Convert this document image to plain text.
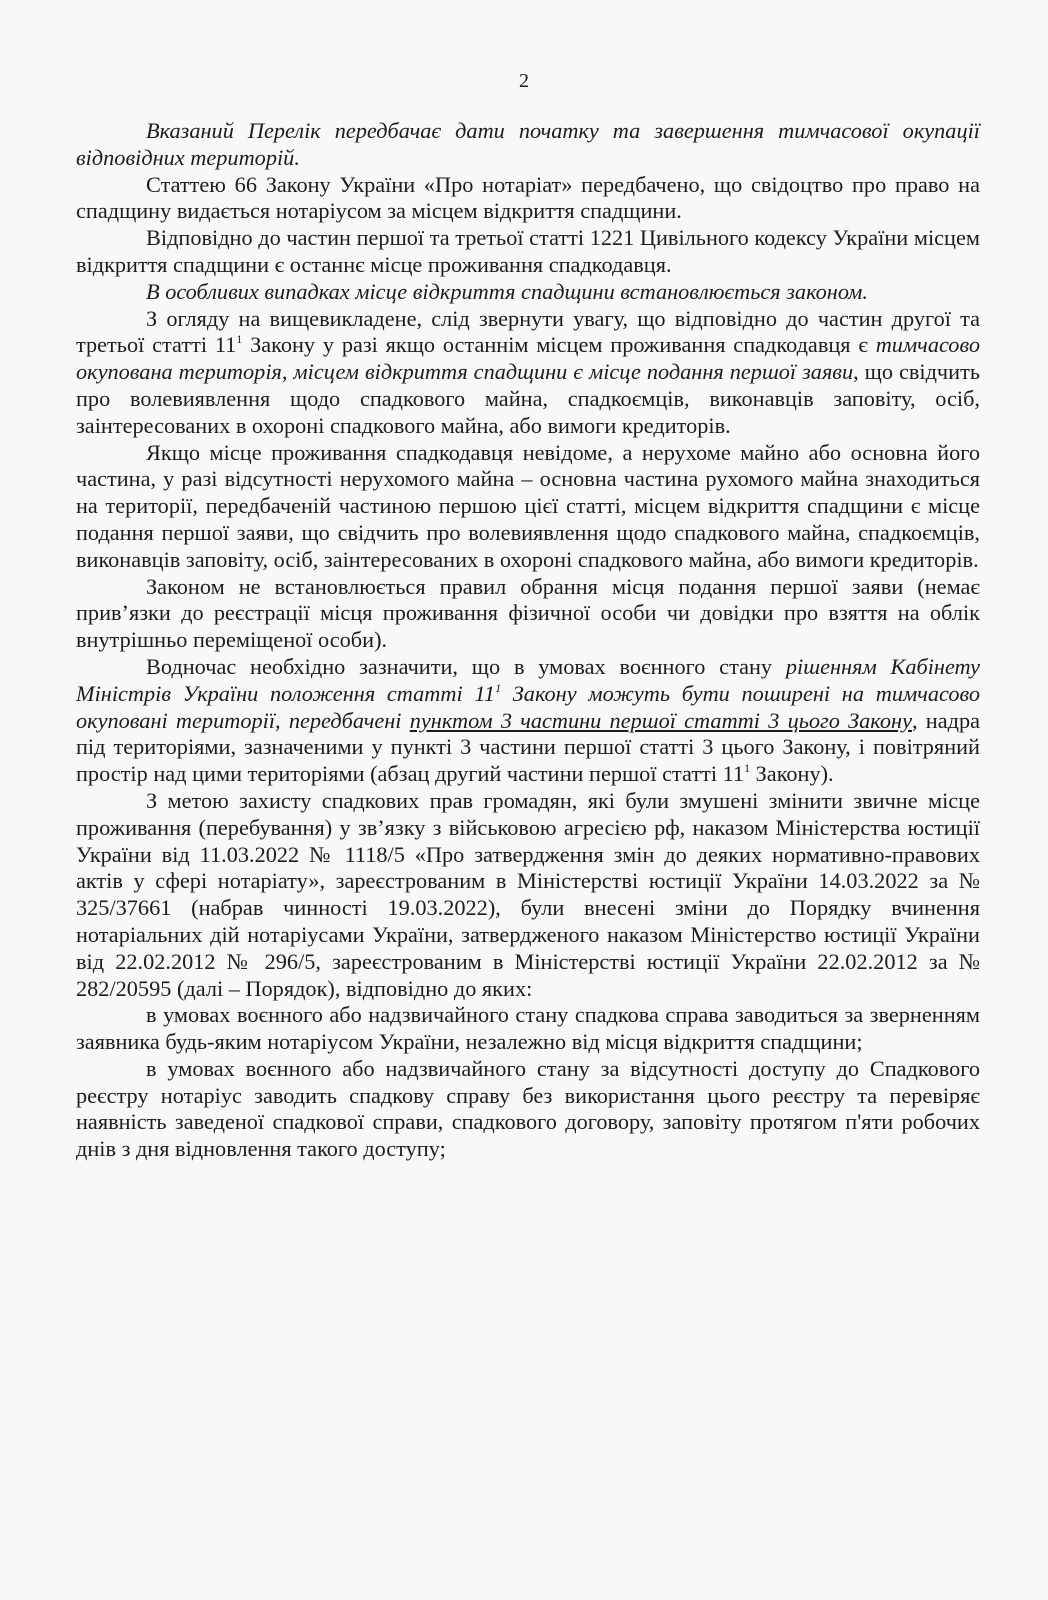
2

Вказаний Перелік передбачає дати початку та завершення тимчасової окупації відповідних територій.

Статтею 66 Закону України «Про нотаріат» передбачено, що свідоцтво про право на спадщину видається нотаріусом за місцем відкриття спадщини.

Відповідно до частин першої та третьої статті 1221 Цивільного кодексу України місцем відкриття спадщини є останнє місце проживання спадкодавця.

В особливих випадках місце відкриття спадщини встановлюється законом.

З огляду на вищевикладене, слід звернути увагу, що відповідно до частин другої та третьої статті $11^1$ Закону у разі якщо останнім місцем проживання спадкодавця є тимчасово окупована територія, місцем відкриття спадщини є місце подання першої заяви, що свідчить про волевиявлення щодо спадкового майна, спадкоємців, виконавців заповіту, осіб, заінтересованих в охороні спадкового майна, або вимоги кредиторів.

Якщо місце проживання спадкодавця невідоме, а нерухоме майно або основна його частина, у разі відсутності нерухомого майна – основна частина рухомого майна знаходиться на території, передбаченій частиною першою цієї статті, місцем відкриття спадщини є місце подання першої заяви, що свідчить про волевиявлення щодо спадкового майна, спадкоємців, виконавців заповіту, осіб, заінтересованих в охороні спадкового майна, або вимоги кредиторів.

Законом не встановлюється правил обрання місця подання першої заяви (немає прив’язки до реєстрації місця проживання фізичної особи чи довідки про взяття на облік внутрішньо переміщеної особи).

Водночас необхідно зазначити, що в умовах воєнного стану рішенням Кабінету Міністрів України положення статті $11^1$ Закону можуть бути поширені на тимчасово окуповані території, передбачені пунктом 3 частини першої статті 3 цього Закону, надра під територіями, зазначеними у пункті 3 частини першої статті 3 цього Закону, і повітряний простір над цими територіями (абзац другий частини першої статті $11^1$ Закону).

З метою захисту спадкових прав громадян, які були змушені змінити звичне місце проживання (перебування) у зв’язку з військовою агресією рф, наказом Міністерства юстиції України від 11.03.2022 № 1118/5 «Про затвердження змін до деяких нормативно-правових актів у сфері нотаріату», зареєстрованим в Міністерстві юстиції України 14.03.2022 за № 325/37661 (набрав чинності 19.03.2022), були внесені зміни до Порядку вчинення нотаріальних дій нотаріусами України, затвердженого наказом Міністерство юстиції України від 22.02.2012 № 296/5, зареєстрованим в Міністерстві юстиції України 22.02.2012 за № 282/20595 (далі – Порядок), відповідно до яких:

в умовах воєнного або надзвичайного стану спадкова справа заводиться за зверненням заявника будь-яким нотаріусом України, незалежно від місця відкриття спадщини;

в умовах воєнного або надзвичайного стану за відсутності доступу до Спадкового реєстру нотаріус заводить спадкову справу без використання цього реєстру та перевіряє наявність заведеної спадкової справи, спадкового договору, заповіту протягом п'яти робочих днів з дня відновлення такого доступу;
